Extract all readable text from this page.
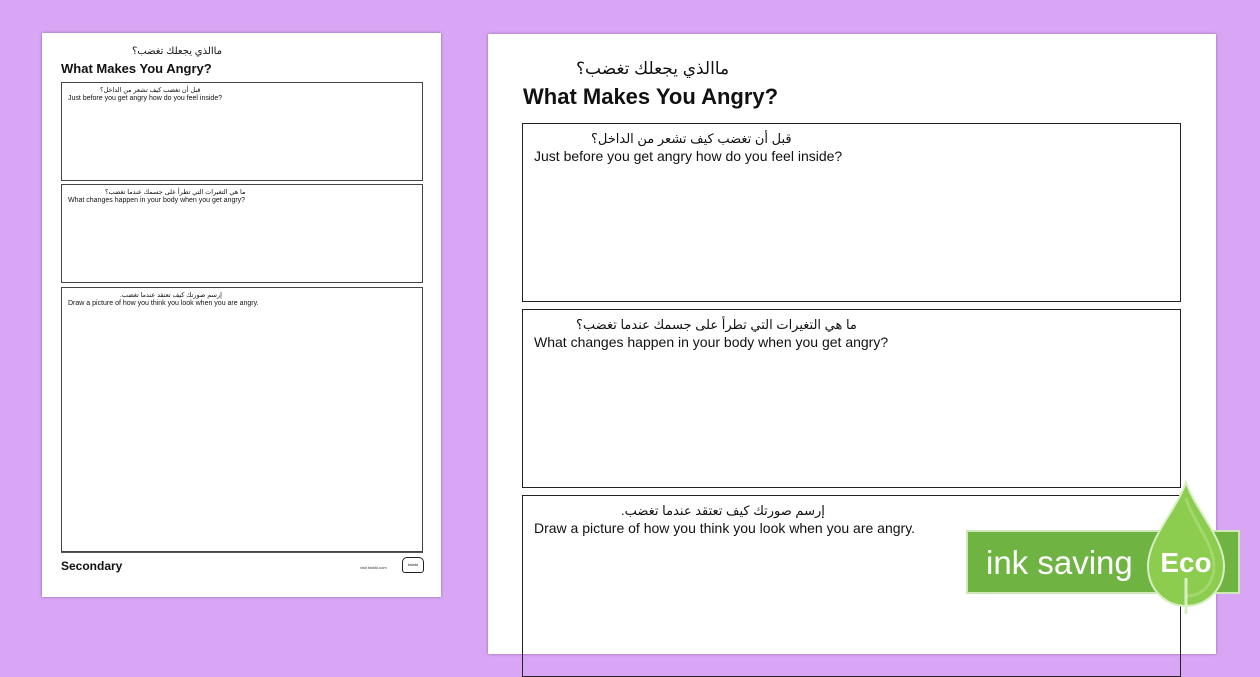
ماالذي يجعلك تغضب؟
What Makes You Angry?
قبل أن تغضب كيف تشعر من الداخل؟
Just before you get angry how do you feel inside?
ما هي التغيرات التي تطرأ على جسمك عندما تغضب؟
What changes happen in your body when you get angry?
إرسم صورتك كيف تعتقد عندما تغضب.
Draw a picture of how you think you look when you are angry.
Secondary	visit twinkl.com
twinkl
ماالذي يجعلك تغضب؟
What Makes You Angry?
قبل أن تغضب كيف تشعر من الداخل؟
Just before you get angry how do you feel inside?
ما هي التغيرات التي تطرأ على جسمك عندما تغضب؟
What changes happen in your body when you get angry?
إرسم صورتك كيف تعتقد عندما تغضب.
Draw a picture of how you think you look when you are angry.
ink saving Eco
